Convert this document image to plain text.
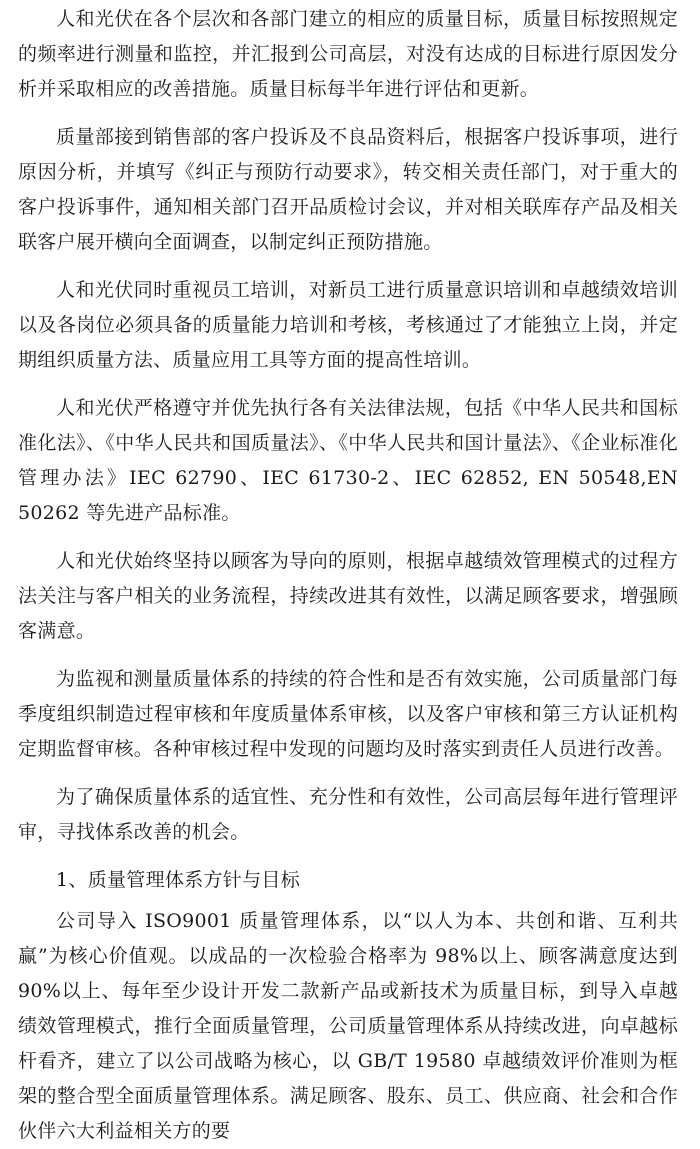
人和光伏在各个层次和各部门建立的相应的质量目标，质量目标按照规定的频率进行测量和监控，并汇报到公司高层，对没有达成的目标进行原因发分析并采取相应的改善措施。质量目标每半年进行评估和更新。

质量部接到销售部的客户投诉及不良品资料后，根据客户投诉事项，进行原因分析，并填写《纠正与预防行动要求》，转交相关责任部门，对于重大的客户投诉事件，通知相关部门召开品质检讨会议，并对相关联库存产品及相关联客户展开横向全面调查，以制定纠正预防措施。

人和光伏同时重视员工培训，对新员工进行质量意识培训和卓越绩效培训以及各岗位必须具备的质量能力培训和考核，考核通过了才能独立上岗，并定期组织质量方法、质量应用工具等方面的提高性培训。

人和光伏严格遵守并优先执行各有关法律法规，包括《中华人民共和国标准化法》、《中华人民共和国质量法》、《中华人民共和国计量法》、《企业标准化管理办法》IEC 62790、IEC 61730-2、IEC 62852, EN 50548,EN 50262 等先进产品标准。

人和光伏始终坚持以顾客为导向的原则，根据卓越绩效管理模式的过程方法关注与客户相关的业务流程，持续改进其有效性，以满足顾客要求，增强顾客满意。

为监视和测量质量体系的持续的符合性和是否有效实施，公司质量部门每季度组织制造过程审核和年度质量体系审核，以及客户审核和第三方认证机构定期监督审核。各种审核过程中发现的问题均及时落实到责任人员进行改善。

为了确保质量体系的适宜性、充分性和有效性，公司高层每年进行管理评审，寻找体系改善的机会。

1、质量管理体系方针与目标

公司导入 ISO9001 质量管理体系，以“以人为本、共创和谐、互利共赢”为核心价值观。以成品的一次检验合格率为 98%以上、顾客满意度达到 90%以上、每年至少设计开发二款新产品或新技术为质量目标，到导入卓越绩效管理模式，推行全面质量管理，公司质量管理体系从持续改进，向卓越标杆看齐，建立了以公司战略为核心，以 GB/T 19580 卓越绩效评价准则为框架的整合型全面质量管理体系。满足顾客、股东、员工、供应商、社会和合作伙伴六大利益相关方的要
